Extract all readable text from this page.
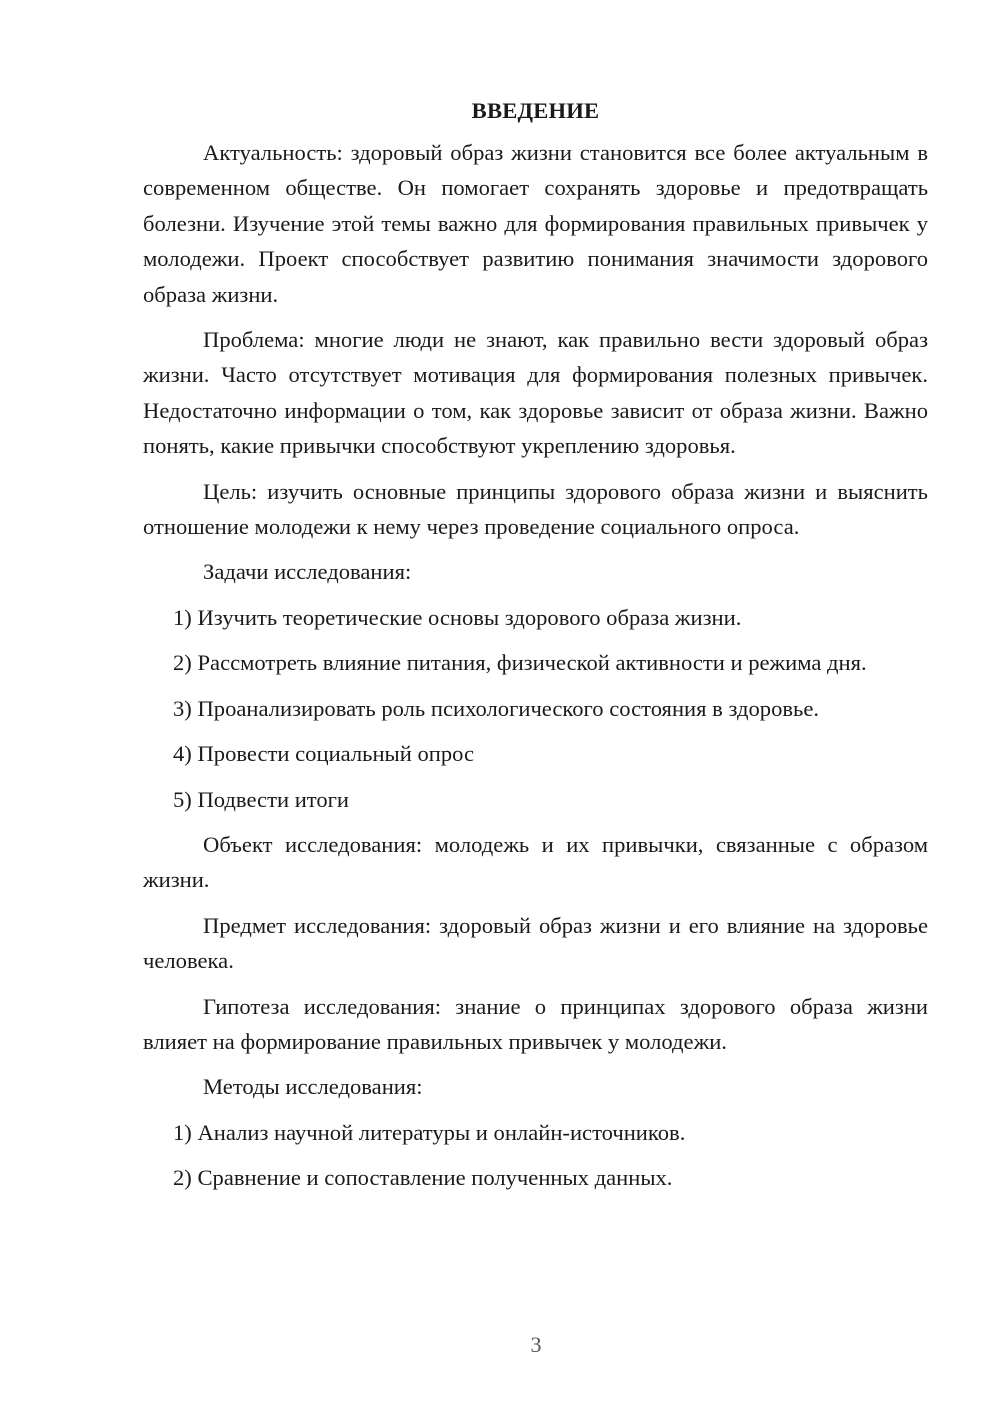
ВВЕДЕНИЕ

Актуальность: здоровый образ жизни становится все более актуальным в современном обществе. Он помогает сохранять здоровье и предотвращать болезни. Изучение этой темы важно для формирования правильных привычек у молодежи. Проект способствует развитию понимания значимости здорового образа жизни.

Проблема: многие люди не знают, как правильно вести здоровый образ жизни. Часто отсутствует мотивация для формирования полезных привычек. Недостаточно информации о том, как здоровье зависит от образа жизни. Важно понять, какие привычки способствуют укреплению здоровья.

Цель: изучить основные принципы здорового образа жизни и выяснить отношение молодежи к нему через проведение социального опроса.

Задачи исследования:

1) Изучить теоретические основы здорового образа жизни.

2) Рассмотреть влияние питания, физической активности и режима дня.

3) Проанализировать роль психологического состояния в здоровье.

4) Провести социальный опрос

5) Подвести итоги

Объект исследования: молодежь и их привычки, связанные с образом жизни.

Предмет исследования: здоровый образ жизни и его влияние на здоровье человека.

Гипотеза исследования: знание о принципах здорового образа жизни влияет на формирование правильных привычек у молодежи.

Методы исследования:

1) Анализ научной литературы и онлайн-источников.

2) Сравнение и сопоставление полученных данных.

3
